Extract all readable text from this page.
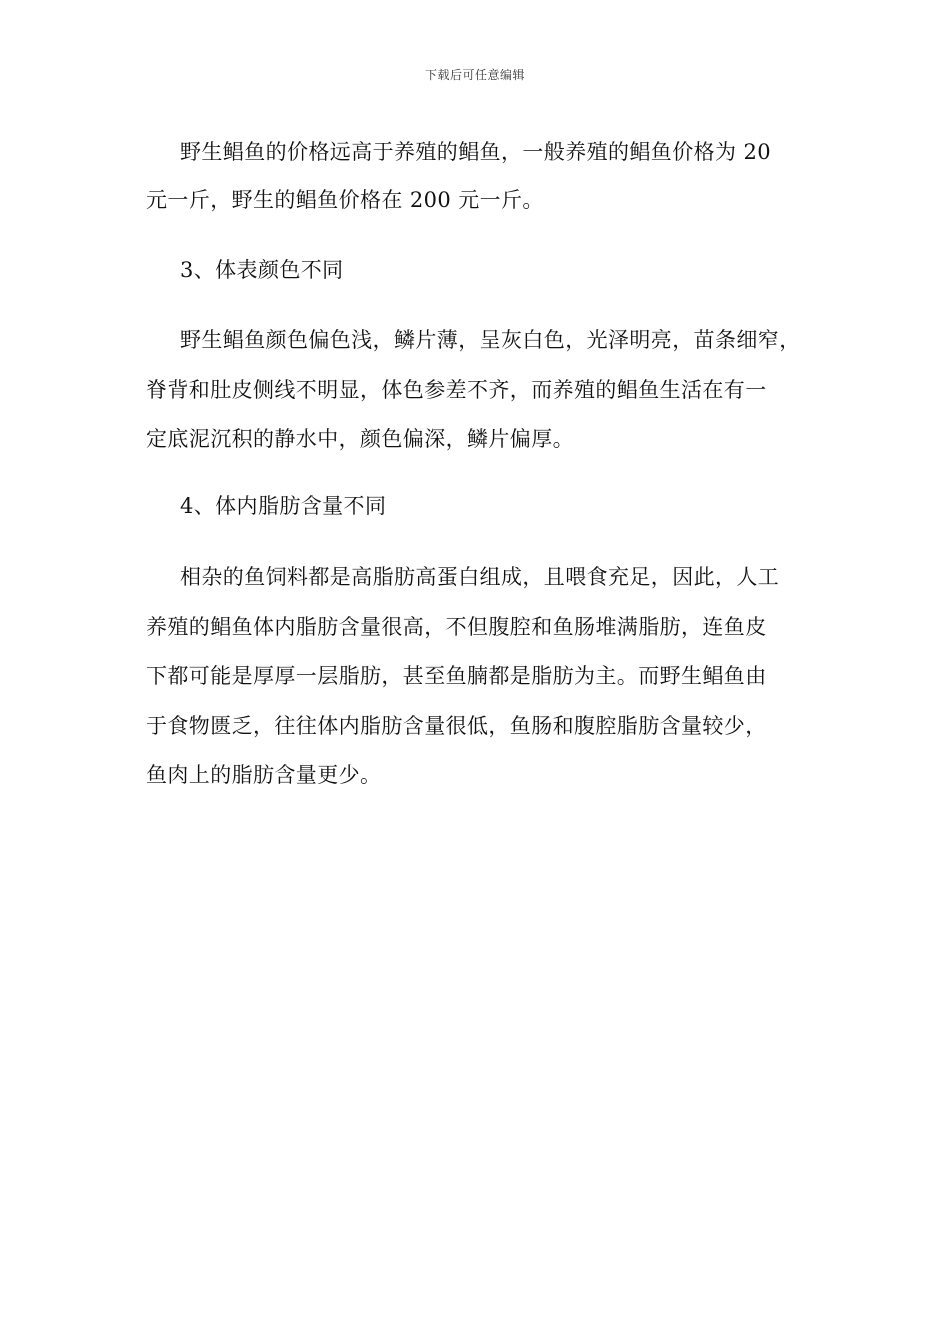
下载后可任意编辑
野生鲳鱼的价格远高于养殖的鲳鱼，一般养殖的鲳鱼价格为 20
元一斤，野生的鲳鱼价格在 200 元一斤。
3、体表颜色不同
野生鲳鱼颜色偏色浅，鳞片薄，呈灰白色，光泽明亮，苗条细窄，
脊背和肚皮侧线不明显，体色参差不齐，而养殖的鲳鱼生活在有一
定底泥沉积的静水中，颜色偏深，鳞片偏厚。
4、体内脂肪含量不同
相杂的鱼饲料都是高脂肪高蛋白组成，且喂食充足，因此，人工
养殖的鲳鱼体内脂肪含量很高，不但腹腔和鱼肠堆满脂肪，连鱼皮
下都可能是厚厚一层脂肪，甚至鱼腩都是脂肪为主。而野生鲳鱼由
于食物匮乏，往往体内脂肪含量很低，鱼肠和腹腔脂肪含量较少，
鱼肉上的脂肪含量更少。
